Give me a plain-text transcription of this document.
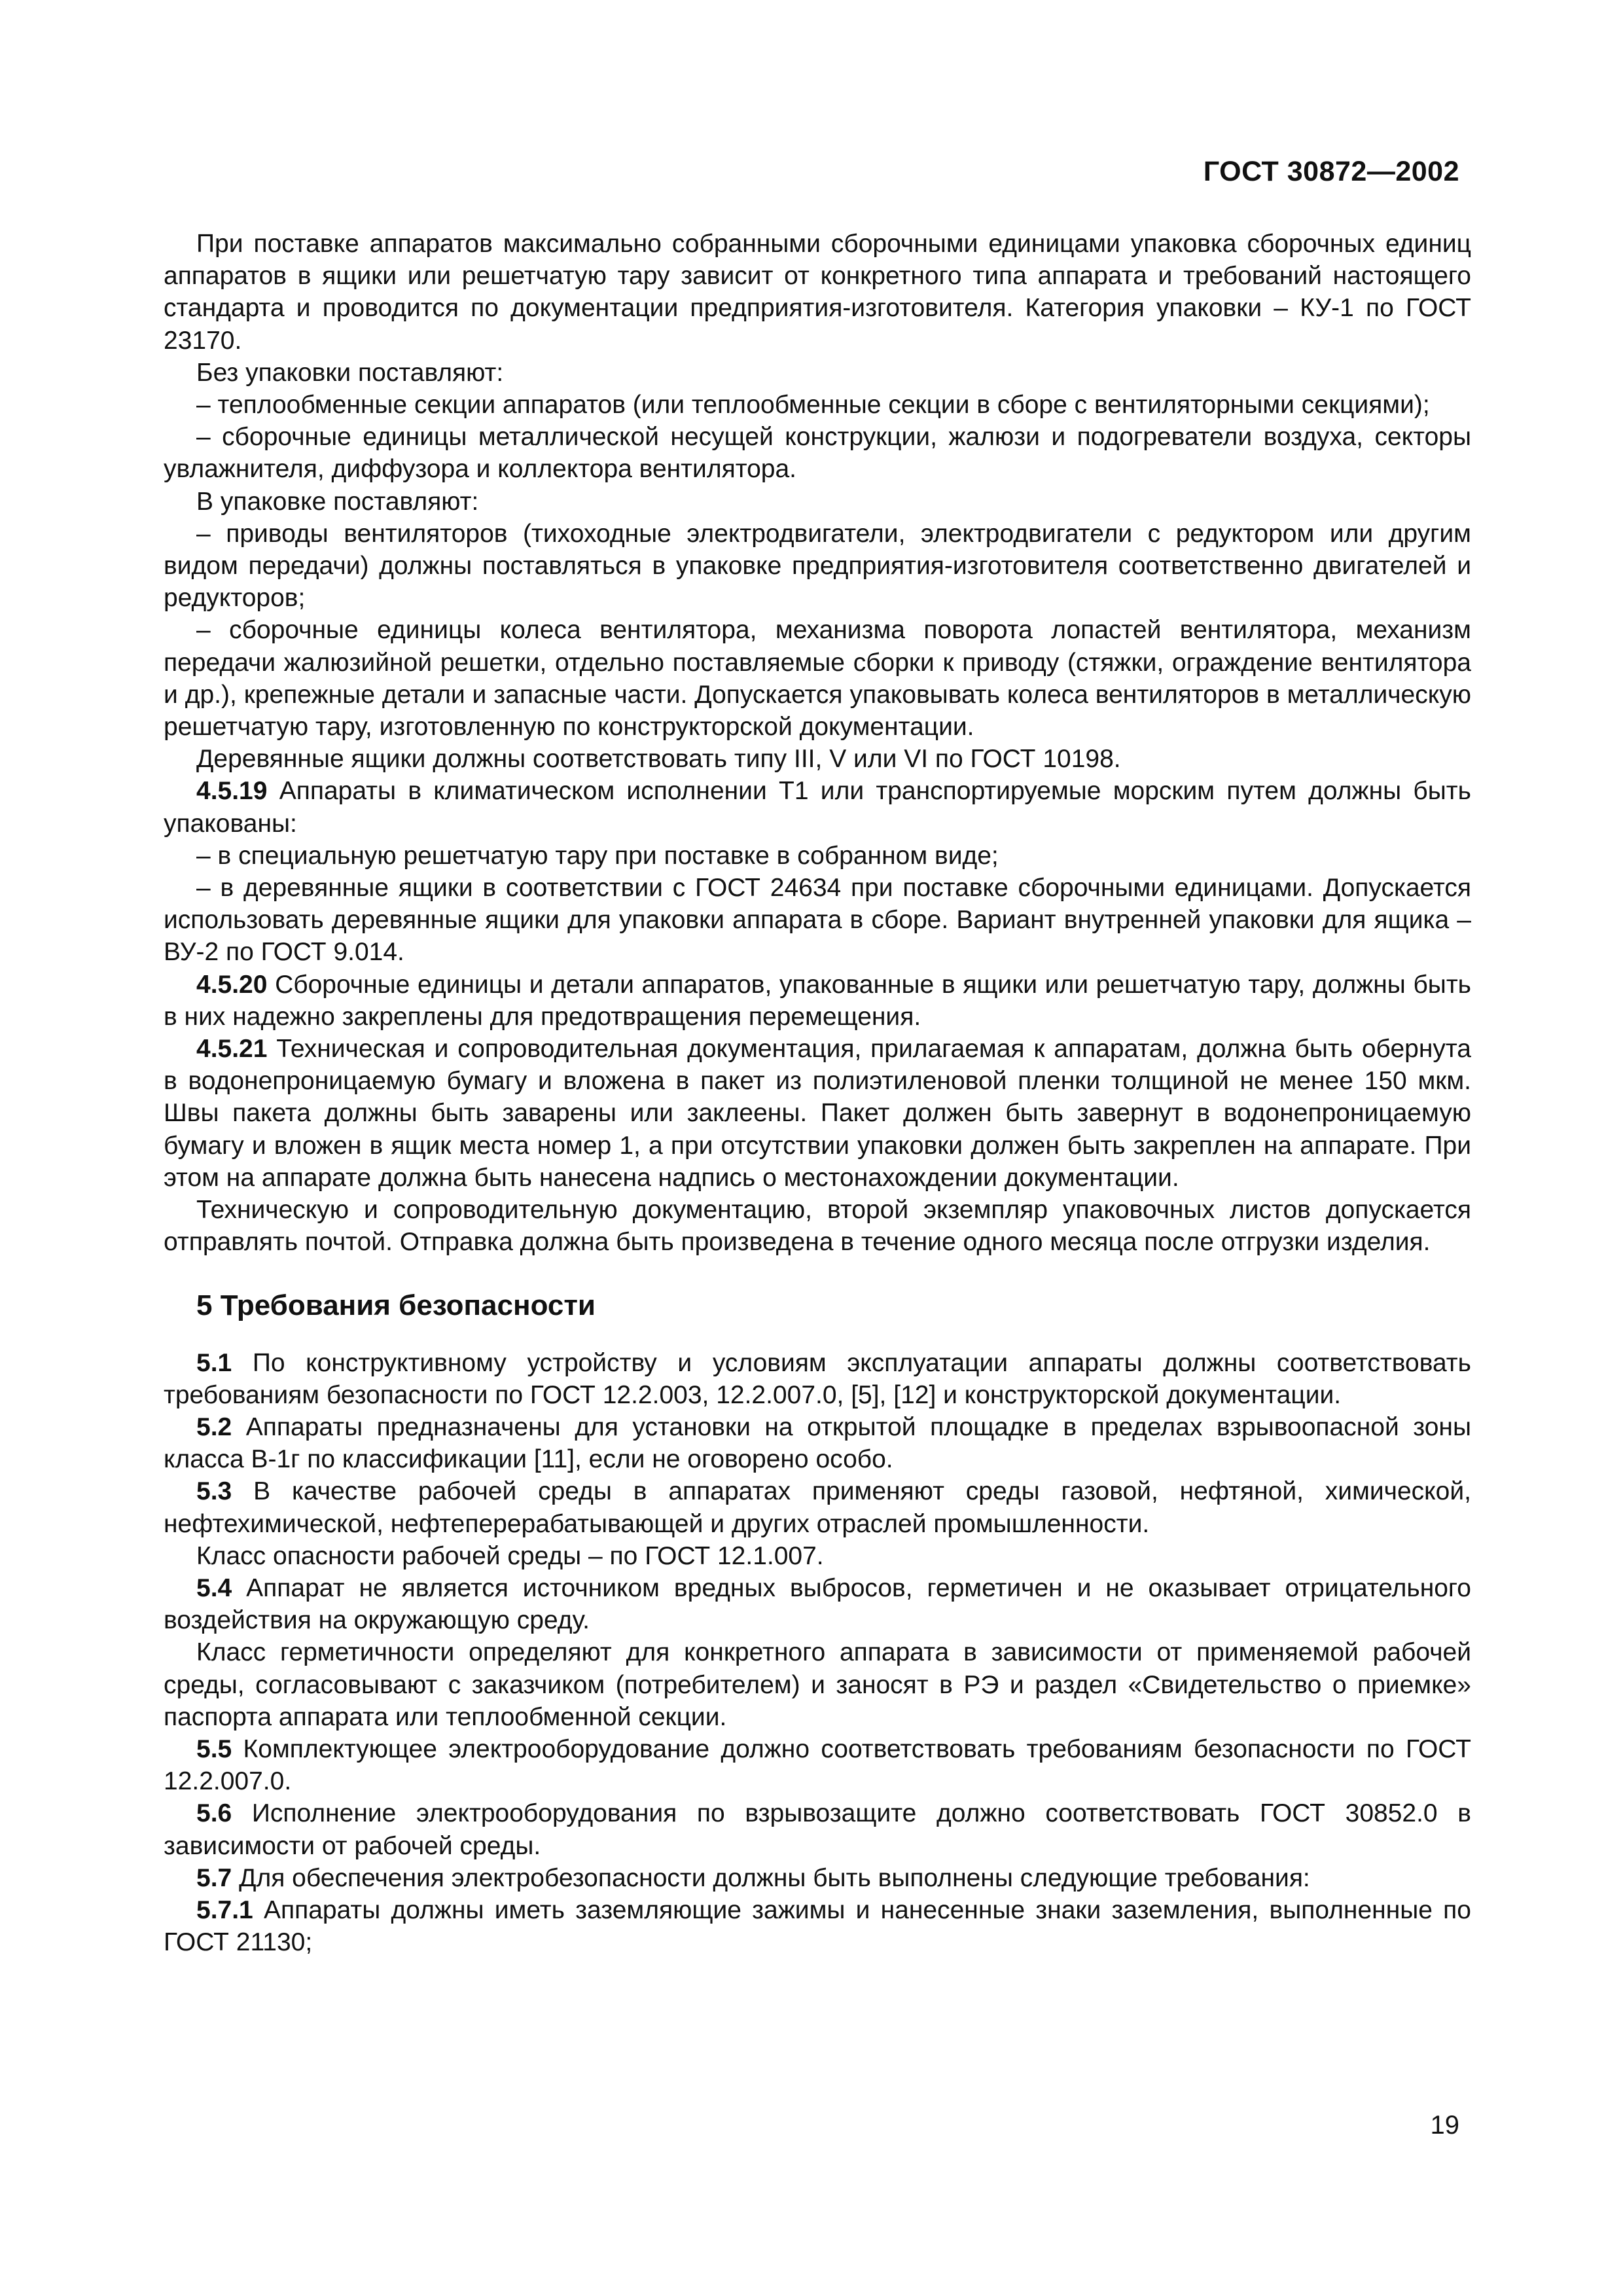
ГОСТ 30872—2002

При поставке аппаратов максимально собранными сборочными единицами упаковка сборочных единиц аппаратов в ящики или решетчатую тару зависит от конкретного типа аппарата и требований настоящего стандарта и проводится по документации предприятия-изготовителя. Категория упаковки – КУ-1 по ГОСТ 23170.

Без упаковки поставляют:

– теплообменные секции аппаратов (или теплообменные секции в сборе с вентиляторными секциями);

– сборочные единицы металлической несущей конструкции, жалюзи и подогреватели воздуха, секторы увлажнителя, диффузора и коллектора вентилятора.

В упаковке поставляют:

– приводы вентиляторов (тихоходные электродвигатели, электродвигатели с редуктором или другим видом передачи) должны поставляться в упаковке предприятия-изготовителя соответственно двигателей и редукторов;

– сборочные единицы колеса вентилятора, механизма поворота лопастей вентилятора, механизм передачи жалюзийной решетки, отдельно поставляемые сборки к приводу (стяжки, ограждение вентилятора и др.), крепежные детали и запасные части. Допускается упаковывать колеса вентиляторов в металлическую решетчатую тару, изготовленную по конструкторской документации.

Деревянные ящики должны соответствовать типу III, V или VI по ГОСТ 10198.

4.5.19 Аппараты в климатическом исполнении Т1 или транспортируемые морским путем должны быть упакованы:

– в специальную решетчатую тару при поставке в собранном виде;

– в деревянные ящики в соответствии с ГОСТ 24634 при поставке сборочными единицами. Допускается использовать деревянные ящики для упаковки аппарата в сборе. Вариант внутренней упаковки для ящика – ВУ-2 по ГОСТ 9.014.

4.5.20 Сборочные единицы и детали аппаратов, упакованные в ящики или решетчатую тару, должны быть в них надежно закреплены для предотвращения перемещения.

4.5.21 Техническая и сопроводительная документация, прилагаемая к аппаратам, должна быть обернута в водонепроницаемую бумагу и вложена в пакет из полиэтиленовой пленки толщиной не менее 150 мкм. Швы пакета должны быть заварены или заклеены. Пакет должен быть завернут в водонепроницаемую бумагу и вложен в ящик места номер 1, а при отсутствии упаковки должен быть закреплен на аппарате. При этом на аппарате должна быть нанесена надпись о местонахождении документации.

Техническую и сопроводительную документацию, второй экземпляр упаковочных листов допускается отправлять почтой. Отправка должна быть произведена в течение одного месяца после отгрузки изделия.

5 Требования безопасности

5.1 По конструктивному устройству и условиям эксплуатации аппараты должны соответствовать требованиям безопасности по ГОСТ 12.2.003, 12.2.007.0, [5], [12] и конструкторской документации.

5.2 Аппараты предназначены для установки на открытой площадке в пределах взрывоопасной зоны класса В-1г по классификации [11], если не оговорено особо.

5.3 В качестве рабочей среды в аппаратах применяют среды газовой, нефтяной, химической, нефтехимической, нефтеперерабатывающей и других отраслей промышленности.

Класс опасности рабочей среды – по ГОСТ 12.1.007.

5.4 Аппарат не является источником вредных выбросов, герметичен и не оказывает отрицательного воздействия на окружающую среду.

Класс герметичности определяют для конкретного аппарата в зависимости от применяемой рабочей среды, согласовывают с заказчиком (потребителем) и заносят в РЭ и раздел «Свидетельство о приемке» паспорта аппарата или теплообменной секции.

5.5 Комплектующее электрооборудование должно соответствовать требованиям безопасности по ГОСТ 12.2.007.0.

5.6 Исполнение электрооборудования по взрывозащите должно соответствовать ГОСТ 30852.0 в зависимости от рабочей среды.

5.7 Для обеспечения электробезопасности должны быть выполнены следующие требования:

5.7.1 Аппараты должны иметь заземляющие зажимы и нанесенные знаки заземления, выполненные по ГОСТ 21130;

19
